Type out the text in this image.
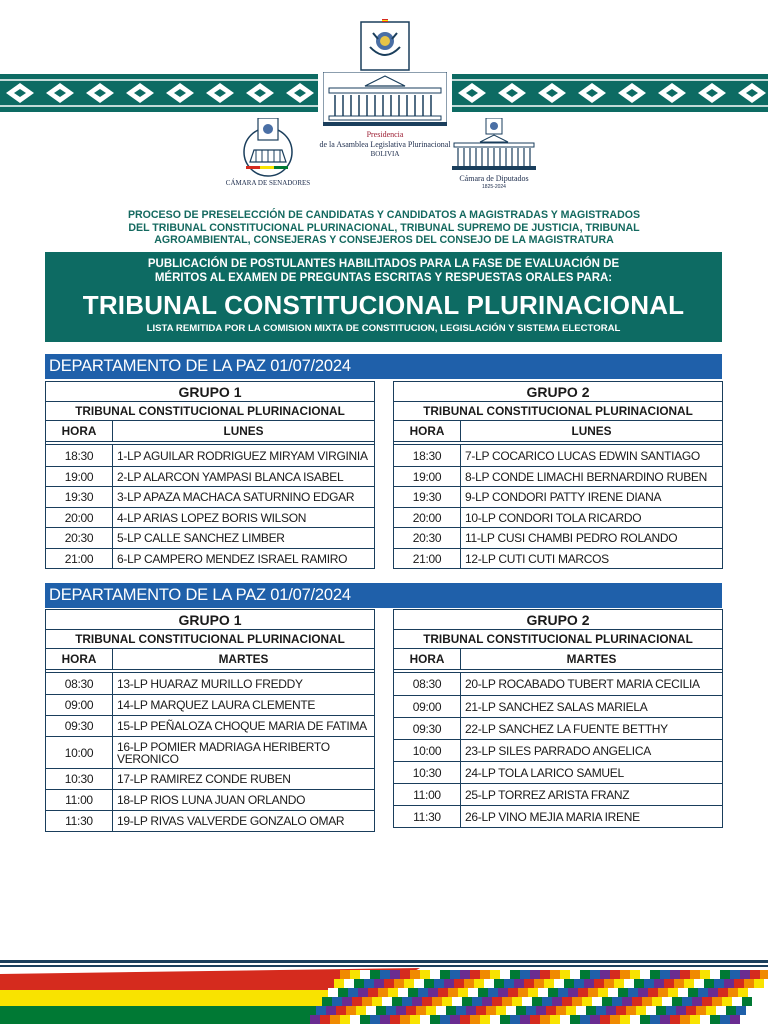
Presidencia
de la Asamblea Legislativa Plurinacional
BOLIVIA
CÁMARA DE SENADORES	Cámara de Diputados
1825-2024
PROCESO DE PRESELECCIÓN DE CANDIDATAS Y CANDIDATOS A MAGISTRADAS Y MAGISTRADOS
DEL TRIBUNAL CONSTITUCIONAL PLURINACIONAL, TRIBUNAL SUPREMO DE JUSTICIA, TRIBUNAL
AGROAMBIENTAL, CONSEJERAS Y CONSEJEROS DEL CONSEJO DE LA MAGISTRATURA
PUBLICACIÓN DE POSTULANTES HABILITADOS PARA LA FASE DE EVALUACIÓN DE
MÉRITOS AL EXAMEN DE PREGUNTAS ESCRITAS Y RESPUESTAS ORALES PARA:
TRIBUNAL CONSTITUCIONAL PLURINACIONAL
LISTA REMITIDA POR LA COMISION MIXTA DE CONSTITUCION, LEGISLACIÓN Y SISTEMA ELECTORAL
DEPARTAMENTO DE LA PAZ 01/07/2024
GRUPO 1
TRIBUNAL CONSTITUCIONAL PLURINACIONAL
HORA	LUNES
18:30	1-LP AGUILAR RODRIGUEZ MIRYAM VIRGINIA
19:00	2-LP ALARCON YAMPASI BLANCA ISABEL
19:30	3-LP APAZA MACHACA SATURNINO EDGAR
20:00	4-LP ARIAS LOPEZ BORIS WILSON
20:30	5-LP CALLE SANCHEZ LIMBER
21:00	6-LP CAMPERO MENDEZ ISRAEL RAMIRO
GRUPO 2
TRIBUNAL CONSTITUCIONAL PLURINACIONAL
HORA	LUNES
18:30	7-LP COCARICO LUCAS EDWIN SANTIAGO
19:00	8-LP CONDE LIMACHI BERNARDINO RUBEN
19:30	9-LP CONDORI PATTY IRENE DIANA
20:00	10-LP CONDORI TOLA RICARDO
20:30	11-LP CUSI CHAMBI PEDRO ROLANDO
21:00	12-LP CUTI CUTI MARCOS
DEPARTAMENTO DE LA PAZ 01/07/2024
GRUPO 1
TRIBUNAL CONSTITUCIONAL PLURINACIONAL
HORA	MARTES
08:30	13-LP HUARAZ MURILLO FREDDY
09:00	14-LP MARQUEZ LAURA CLEMENTE
09:30	15-LP PEÑALOZA CHOQUE MARIA DE FATIMA
10:00	16-LP POMIER MADRIAGA HERIBERTO VERONICO
10:30	17-LP RAMIREZ CONDE RUBEN
11:00	18-LP RIOS LUNA JUAN ORLANDO
11:30	19-LP RIVAS VALVERDE GONZALO OMAR
GRUPO 2
TRIBUNAL CONSTITUCIONAL PLURINACIONAL
HORA	MARTES
08:30	20-LP ROCABADO TUBERT MARIA CECILIA
09:00	21-LP SANCHEZ SALAS MARIELA
09:30	22-LP SANCHEZ LA FUENTE BETTHY
10:00	23-LP SILES PARRADO ANGELICA
10:30	24-LP TOLA LARICO SAMUEL
11:00	25-LP TORREZ ARISTA FRANZ
11:30	26-LP VINO MEJIA MARIA IRENE
